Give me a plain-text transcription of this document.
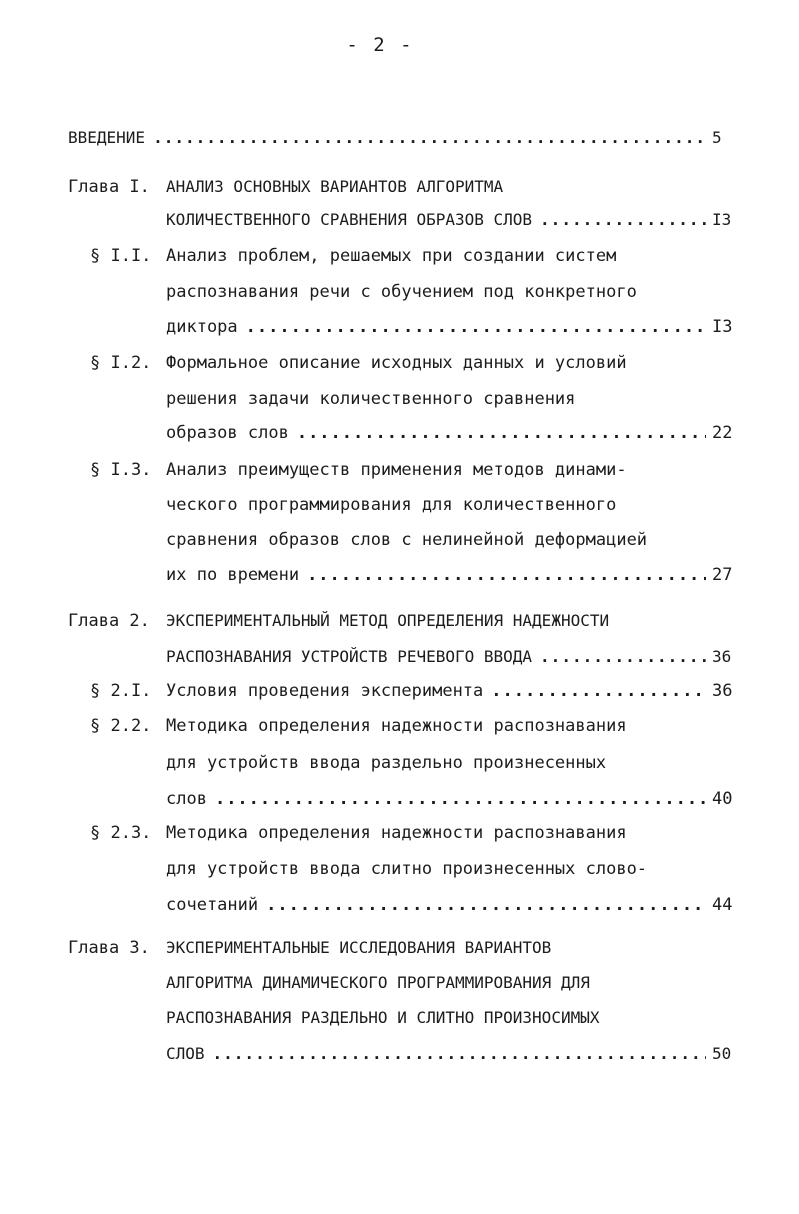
- 2 -
ВВЕДЕНИЕ .....	5
Глава I. АНАЛИЗ ОСНОВНЫХ ВАРИАНТОВ АЛГОРИТМА
КОЛИЧЕСТВЕННОГО СРАВНЕНИЯ ОБРАЗОВ СЛОВ .....	I3
§ I.I. Анализ проблем, решаемых при создании систем
распознавания речи с обучением под конкретного
диктора .....	I3
§ I.2. Формальное описание исходных данных и условий
решения задачи количественного сравнения
образов слов .....	22
§ I.3. Анализ преимуществ применения методов динами-
ческого программирования для количественного
сравнения образов слов с нелинейной деформацией
их по времени .....	27
Глава 2. ЭКСПЕРИМЕНТАЛЬНЫЙ МЕТОД ОПРЕДЕЛЕНИЯ НАДЕЖНОСТИ
РАСПОЗНАВАНИЯ УСТРОЙСТВ РЕЧЕВОГО ВВОДА .....	36
§ 2.I. Условия проведения эксперимента .....	36
§ 2.2. Методика определения надежности распознавания
для устройств ввода раздельно произнесенных
слов .....	40
§ 2.3. Методика определения надежности распознавания
для устройств ввода слитно произнесенных слово-
сочетаний .....	44
Глава 3. ЭКСПЕРИМЕНТАЛЬНЫЕ ИССЛЕДОВАНИЯ ВАРИАНТОВ
АЛГОРИТМА ДИНАМИЧЕСКОГО ПРОГРАММИРОВАНИЯ ДЛЯ
РАСПОЗНАВАНИЯ РАЗДЕЛЬНО И СЛИТНО ПРОИЗНОСИМЫХ
СЛОВ .....	50
